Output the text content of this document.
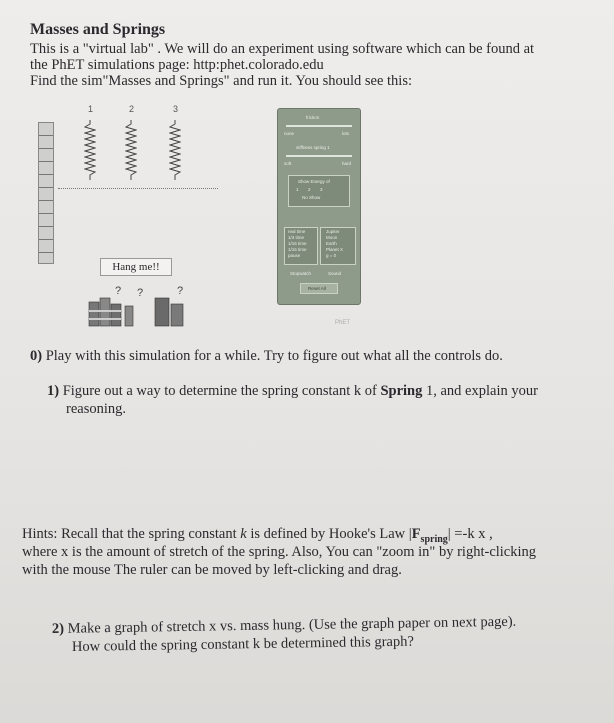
Masses and Springs
This is a "virtual lab" . We will do an experiment using software which can be found at
the PhET simulations page: http:phet.colorado.edu
Find the sim"Masses and Springs" and run it. You should see this:
1	2	3
Hang me!!
? ?	?
friction
none	lots
stiffness spring 1
soft	hard
Show Energy of
1 2 3
No Show
real time
1/4 time
1/16 time
1/16 time
pause
Jupiter
Moon
Earth
Planet X
g = 0
Stopwatch	Sound
Reset All
PhET
0) Play with this simulation for a while. Try to figure out what all the controls do.
1) Figure out a way to determine the spring constant k of Spring 1, and explain your
reasoning.
Hints: Recall that the spring constant k is defined by Hooke's Law $|F_{spring}| =-k$ x ,
where x is the amount of stretch of the spring. Also, You can "zoom in" by right-clicking
with the mouse The ruler can be moved by left-clicking and drag.
2) Make a graph of stretch x vs. mass hung. (Use the graph paper on next page).
How could the spring constant k be determined this graph?
